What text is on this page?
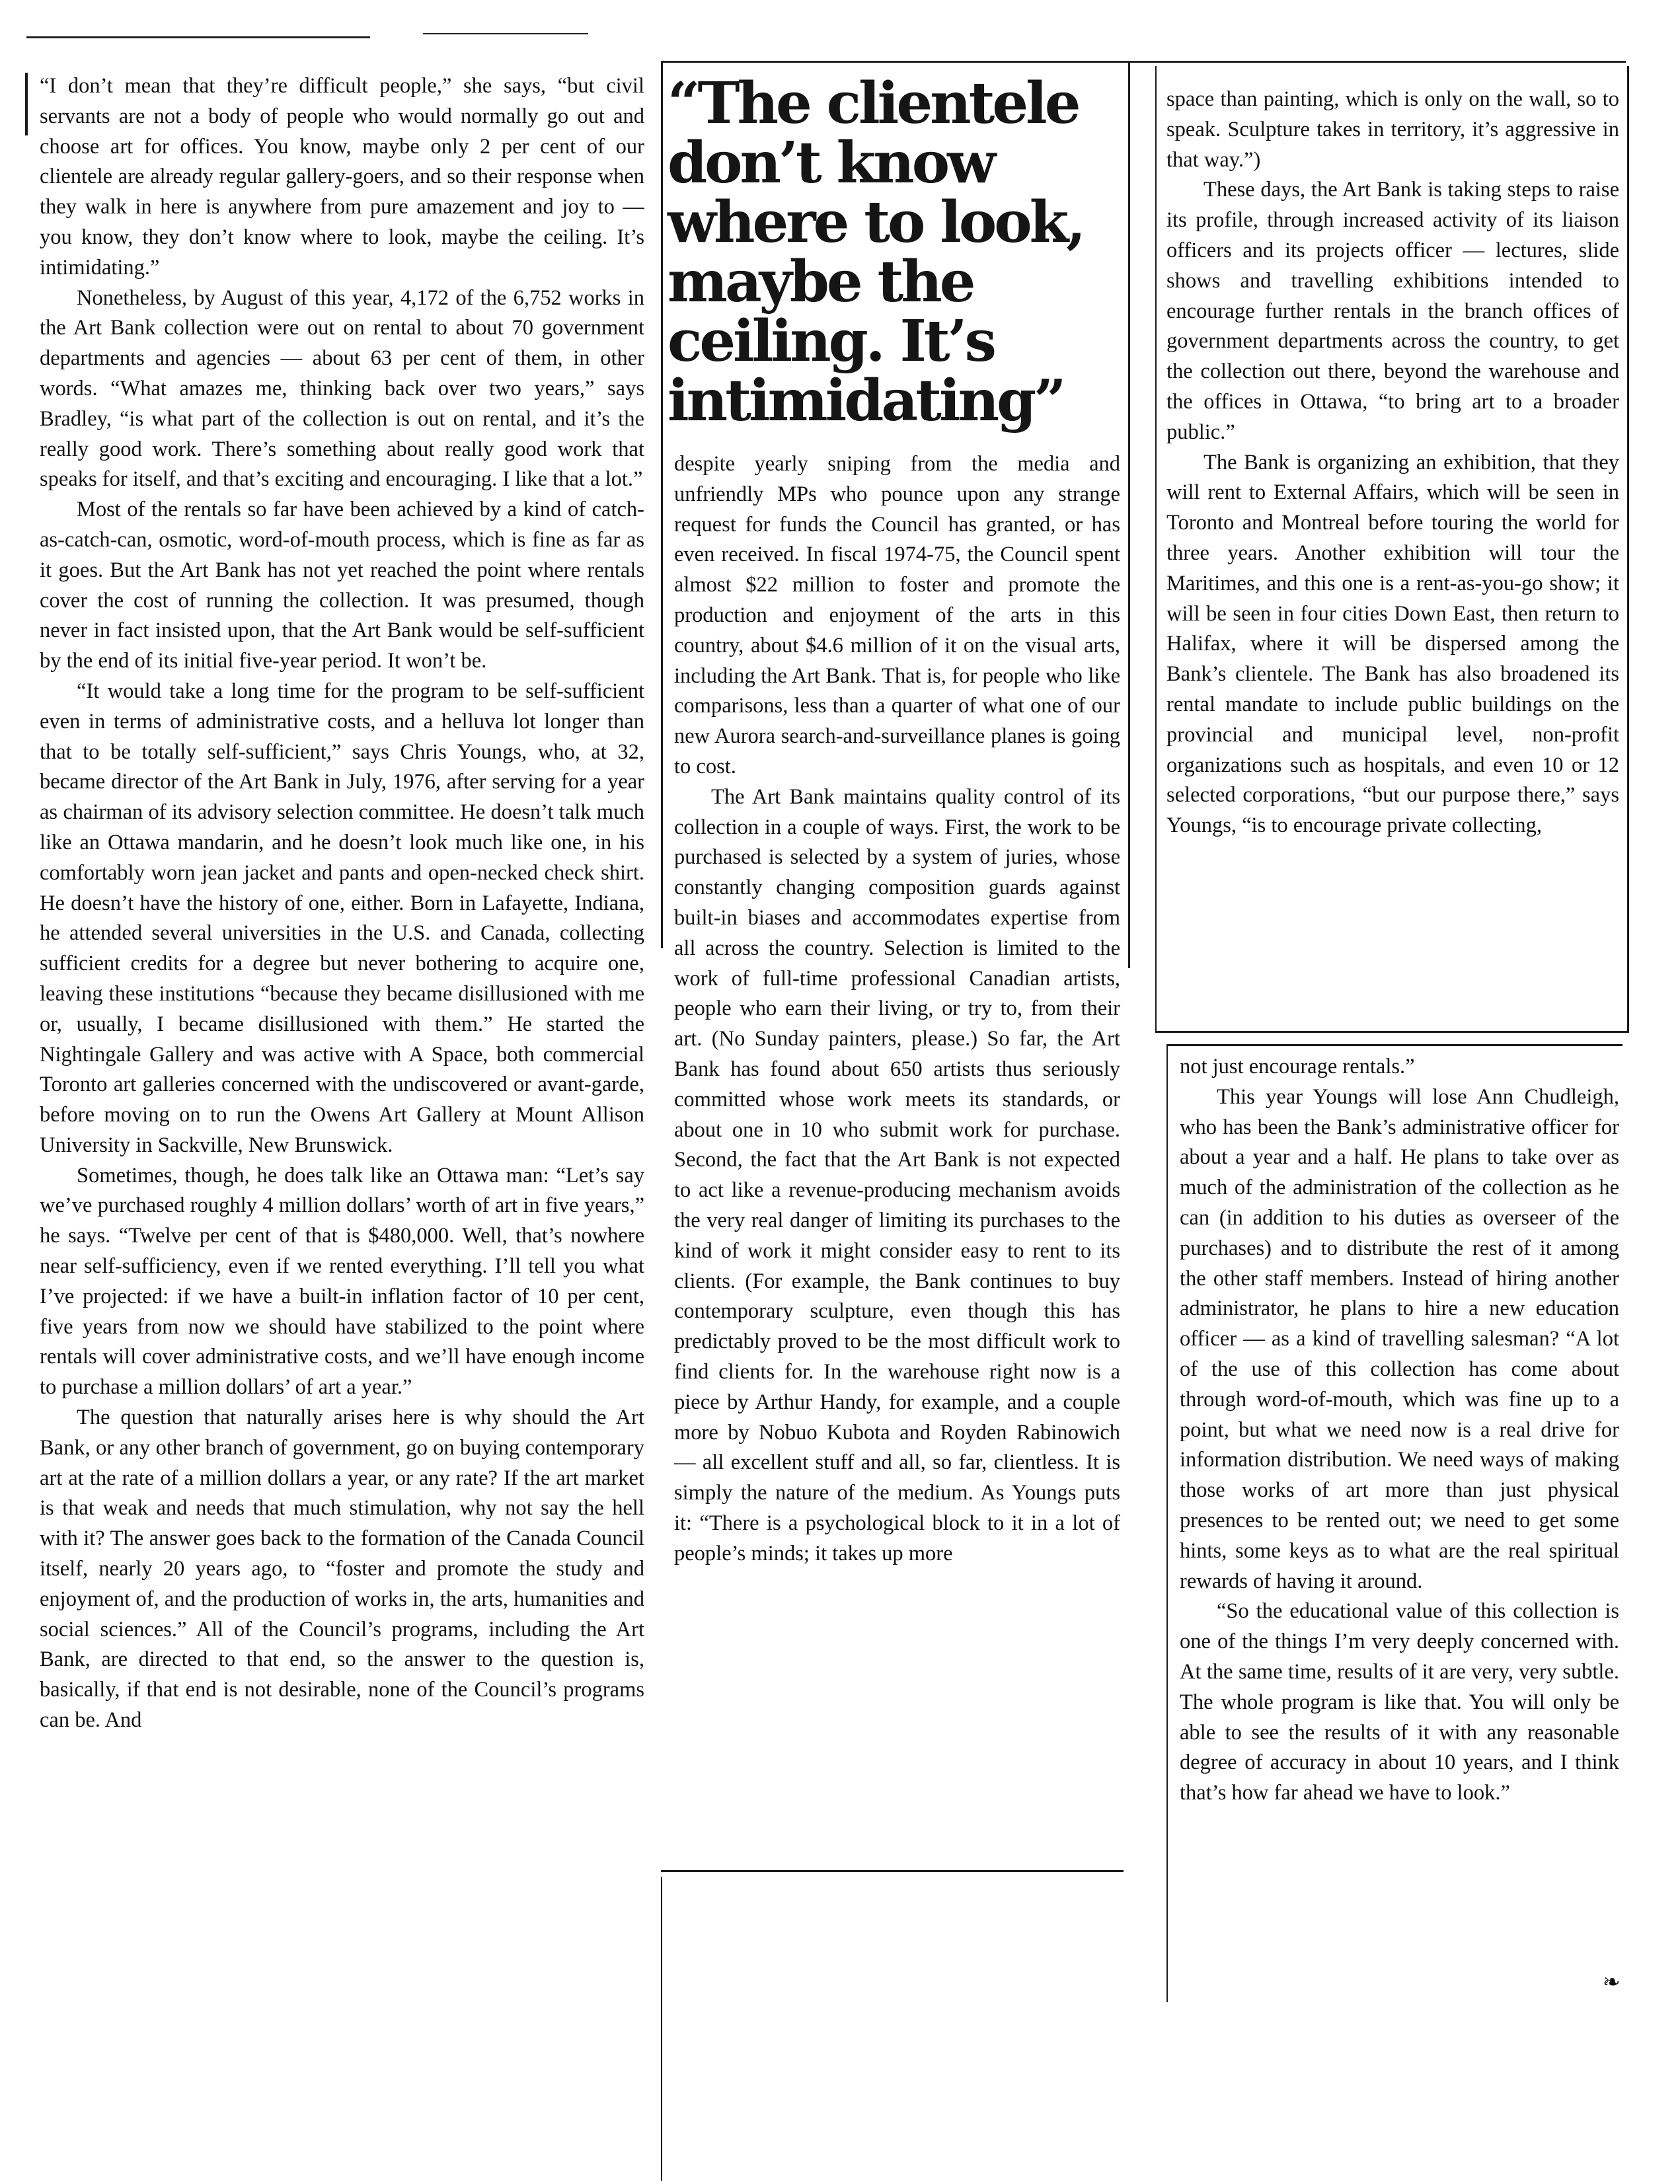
“The clientele don’t know where to look, maybe the ceiling. It’s intimidating”

“I don’t mean that they’re difficult people,” she says, “but civil servants are not a body of people who would normally go out and choose art for offices. You know, maybe only 2 per cent of our clientele are already regular gallery-goers, and so their response when they walk in here is anywhere from pure amazement and joy to — you know, they don’t know where to look, maybe the ceiling. It’s intimidating.”

Nonetheless, by August of this year, 4,172 of the 6,752 works in the Art Bank collection were out on rental to about 70 government departments and agencies — about 63 per cent of them, in other words. “What amazes me, thinking back over two years,” says Bradley, “is what part of the collection is out on rental, and it’s the really good work. There’s something about really good work that speaks for itself, and that’s exciting and encouraging. I like that a lot.”

Most of the rentals so far have been achieved by a kind of catch-as-catch-can, osmotic, word-of-mouth process, which is fine as far as it goes. But the Art Bank has not yet reached the point where rentals cover the cost of running the collection. It was presumed, though never in fact insisted upon, that the Art Bank would be self-sufficient by the end of its initial five-year period. It won’t be.

“It would take a long time for the program to be self-sufficient even in terms of administrative costs, and a helluva lot longer than that to be totally self-sufficient,” says Chris Youngs, who, at 32, became director of the Art Bank in July, 1976, after serving for a year as chairman of its advisory selection committee. He doesn’t talk much like an Ottawa mandarin, and he doesn’t look much like one, in his comfortably worn jean jacket and pants and open-necked check shirt. He doesn’t have the history of one, either. Born in Lafayette, Indiana, he attended several universities in the U.S. and Canada, collecting sufficient credits for a degree but never bothering to acquire one, leaving these institutions “because they became disillusioned with me or, usually, I became disillusioned with them.” He started the Nightingale Gallery and was active with A Space, both commercial Toronto art galleries concerned with the undiscovered or avant-garde, before moving on to run the Owens Art Gallery at Mount Allison University in Sackville, New Brunswick.

Sometimes, though, he does talk like an Ottawa man: “Let’s say we’ve purchased roughly 4 million dollars’ worth of art in five years,” he says. “Twelve per cent of that is $480,000. Well, that’s nowhere near self-sufficiency, even if we rented everything. I’ll tell you what I’ve projected: if we have a built-in inflation factor of 10 per cent, five years from now we should have stabilized to the point where rentals will cover administrative costs, and we’ll have enough income to purchase a million dollars’ of art a year.”

The question that naturally arises here is why should the Art Bank, or any other branch of government, go on buying contemporary art at the rate of a million dollars a year, or any rate? If the art market is that weak and needs that much stimulation, why not say the hell with it? The answer goes back to the formation of the Canada Council itself, nearly 20 years ago, to “foster and promote the study and enjoyment of, and the production of works in, the arts, humanities and social sciences.” All of the Council’s programs, including the Art Bank, are directed to that end, so the answer to the question is, basically, if that end is not desirable, none of the Council’s programs can be. And

despite yearly sniping from the media and unfriendly MPs who pounce upon any strange request for funds the Council has granted, or has even received. In fiscal 1974-75, the Council spent almost $22 million to foster and promote the production and enjoyment of the arts in this country, about $4.6 million of it on the visual arts, including the Art Bank. That is, for people who like comparisons, less than a quarter of what one of our new Aurora search-and-surveillance planes is going to cost.

The Art Bank maintains quality control of its collection in a couple of ways. First, the work to be purchased is selected by a system of juries, whose constantly changing composition guards against built-in biases and accommodates expertise from all across the country. Selection is limited to the work of full-time professional Canadian artists, people who earn their living, or try to, from their art. (No Sunday painters, please.) So far, the Art Bank has found about 650 artists thus seriously committed whose work meets its standards, or about one in 10 who submit work for purchase. Second, the fact that the Art Bank is not expected to act like a revenue-producing mechanism avoids the very real danger of limiting its purchases to the kind of work it might consider easy to rent to its clients. (For example, the Bank continues to buy contemporary sculpture, even though this has predictably proved to be the most difficult work to find clients for. In the warehouse right now is a piece by Arthur Handy, for example, and a couple more by Nobuo Kubota and Royden Rabinowich — all excellent stuff and all, so far, clientless. It is simply the nature of the medium. As Youngs puts it: “There is a psychological block to it in a lot of people’s minds; it takes up more

space than painting, which is only on the wall, so to speak. Sculpture takes in territory, it’s aggressive in that way.”)

These days, the Art Bank is taking steps to raise its profile, through increased activity of its liaison officers and its projects officer — lectures, slide shows and travelling exhibitions intended to encourage further rentals in the branch offices of government departments across the country, to get the collection out there, beyond the warehouse and the offices in Ottawa, “to bring art to a broader public.”

The Bank is organizing an exhibition, that they will rent to External Affairs, which will be seen in Toronto and Montreal before touring the world for three years. Another exhibition will tour the Maritimes, and this one is a rent-as-you-go show; it will be seen in four cities Down East, then return to Halifax, where it will be dispersed among the Bank’s clientele. The Bank has also broadened its rental mandate to include public buildings on the provincial and municipal level, non-profit organizations such as hospitals, and even 10 or 12 selected corporations, “but our purpose there,” says Youngs, “is to encourage private collecting,

not just encourage rentals.”

This year Youngs will lose Ann Chudleigh, who has been the Bank’s administrative officer for about a year and a half. He plans to take over as much of the administration of the collection as he can (in addition to his duties as overseer of the purchases) and to distribute the rest of it among the other staff members. Instead of hiring another administrator, he plans to hire a new education officer — as a kind of travelling salesman? “A lot of the use of this collection has come about through word-of-mouth, which was fine up to a point, but what we need now is a real drive for information distribution. We need ways of making those works of art more than just physical presences to be rented out; we need to get some hints, some keys as to what are the real spiritual rewards of having it around.

“So the educational value of this collection is one of the things I’m very deeply concerned with. At the same time, results of it are very, very subtle. The whole program is like that. You will only be able to see the results of it with any reasonable degree of accuracy in about 10 years, and I think that’s how far ahead we have to look.”

❧
